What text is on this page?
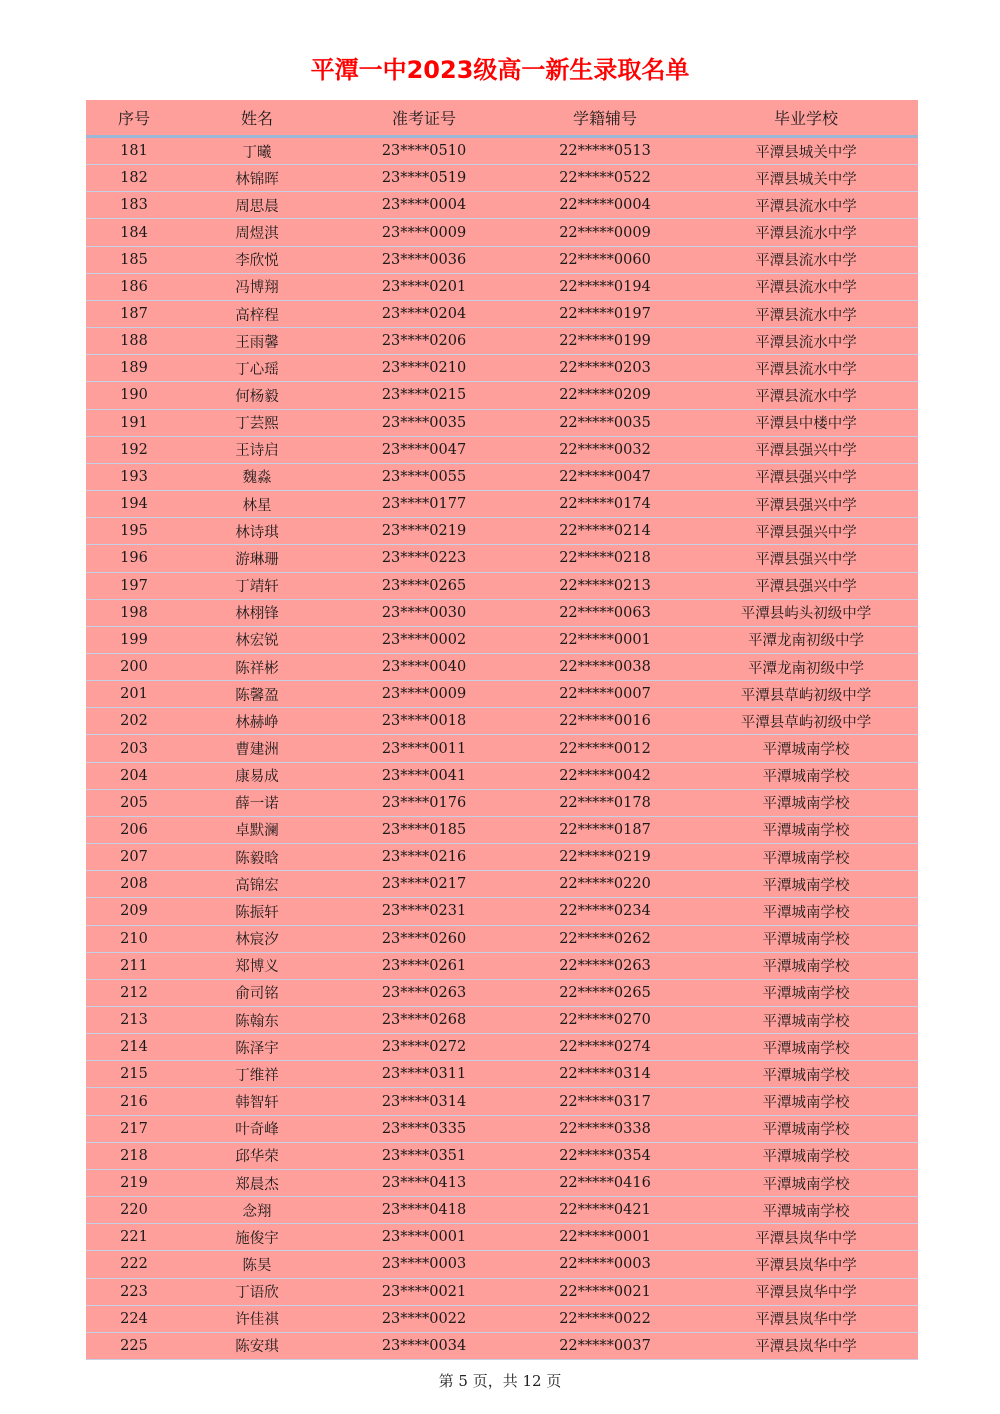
平潭一中2023级高一新生录取名单
序号	姓名	准考证号	学籍辅号	毕业学校
181	丁曦	23****0510	22*****0513	平潭县城关中学
182	林锦晖	23****0519	22*****0522	平潭县城关中学
183	周思晨	23****0004	22*****0004	平潭县流水中学
184	周煜淇	23****0009	22*****0009	平潭县流水中学
185	李欣悦	23****0036	22*****0060	平潭县流水中学
186	冯博翔	23****0201	22*****0194	平潭县流水中学
187	高梓程	23****0204	22*****0197	平潭县流水中学
188	王雨馨	23****0206	22*****0199	平潭县流水中学
189	丁心瑶	23****0210	22*****0203	平潭县流水中学
190	何杨毅	23****0215	22*****0209	平潭县流水中学
191	丁芸熙	23****0035	22*****0035	平潭县中楼中学
192	王诗启	23****0047	22*****0032	平潭县强兴中学
193	魏淼	23****0055	22*****0047	平潭县强兴中学
194	林星	23****0177	22*****0174	平潭县强兴中学
195	林诗琪	23****0219	22*****0214	平潭县强兴中学
196	游琳珊	23****0223	22*****0218	平潭县强兴中学
197	丁靖轩	23****0265	22*****0213	平潭县强兴中学
198	林栩锋	23****0030	22*****0063	平潭县屿头初级中学
199	林宏锐	23****0002	22*****0001	平潭龙南初级中学
200	陈祥彬	23****0040	22*****0038	平潭龙南初级中学
201	陈馨盈	23****0009	22*****0007	平潭县草屿初级中学
202	林赫峥	23****0018	22*****0016	平潭县草屿初级中学
203	曹建洲	23****0011	22*****0012	平潭城南学校
204	康易成	23****0041	22*****0042	平潭城南学校
205	薛一诺	23****0176	22*****0178	平潭城南学校
206	卓默澜	23****0185	22*****0187	平潭城南学校
207	陈毅晗	23****0216	22*****0219	平潭城南学校
208	高锦宏	23****0217	22*****0220	平潭城南学校
209	陈振轩	23****0231	22*****0234	平潭城南学校
210	林宸汐	23****0260	22*****0262	平潭城南学校
211	郑博义	23****0261	22*****0263	平潭城南学校
212	俞司铭	23****0263	22*****0265	平潭城南学校
213	陈翰东	23****0268	22*****0270	平潭城南学校
214	陈泽宇	23****0272	22*****0274	平潭城南学校
215	丁维祥	23****0311	22*****0314	平潭城南学校
216	韩智轩	23****0314	22*****0317	平潭城南学校
217	叶奇峰	23****0335	22*****0338	平潭城南学校
218	邱华荣	23****0351	22*****0354	平潭城南学校
219	郑晨杰	23****0413	22*****0416	平潭城南学校
220	念翔	23****0418	22*****0421	平潭城南学校
221	施俊宇	23****0001	22*****0001	平潭县岚华中学
222	陈昊	23****0003	22*****0003	平潭县岚华中学
223	丁语欣	23****0021	22*****0021	平潭县岚华中学
224	许佳祺	23****0022	22*****0022	平潭县岚华中学
225	陈安琪	23****0034	22*****0037	平潭县岚华中学
第 5 页，共 12 页
